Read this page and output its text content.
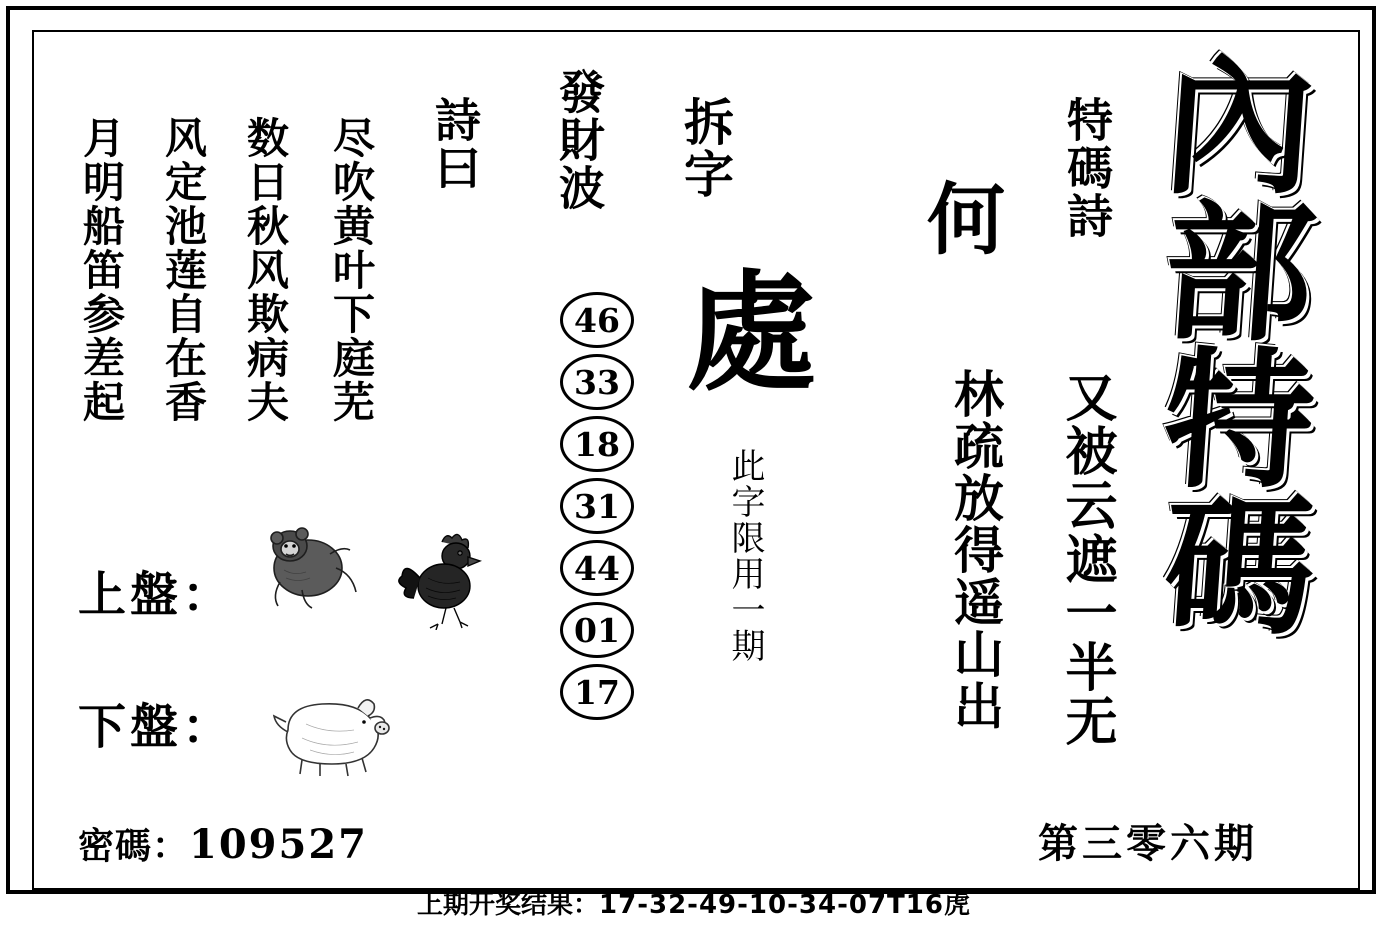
內
部
特
碼
特碼詩
何
又被云遮一半无
林疏放得遥山出
拆字
處
此字限用一期
發財波
46
33
18
31
44
01
17
詩曰
尽吹黄叶下庭芜
数日秋风欺病夫
风定池莲自在香
月明船笛参差起
上盤：
下盤：
密碼：109527	第三零六期
上期开奖结果：17-32-49-10-34-07T16虎
